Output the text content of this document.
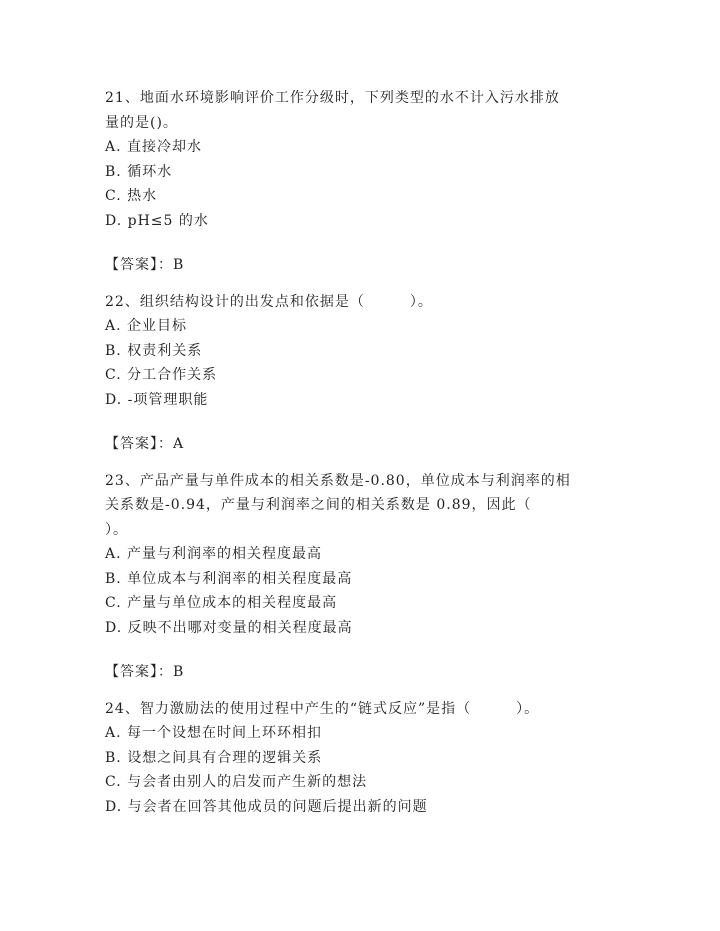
21、地面水环境影响评价工作分级时，下列类型的水不计入污水排放
量的是()。
A. 直接冷却水
B. 循环水
C. 热水
D. pH≤5 的水
【答案】：B
22、组织结构设计的出发点和依据是（　　　）。
A. 企业目标
B. 权责利关系
C. 分工合作关系
D. -项管理职能
【答案】：A
23、产品产量与单件成本的相关系数是-0.80，单位成本与利润率的相
关系数是-0.94，产量与利润率之间的相关系数是 0.89，因此（
）。
A. 产量与利润率的相关程度最高
B. 单位成本与利润率的相关程度最高
C. 产量与单位成本的相关程度最高
D. 反映不出哪对变量的相关程度最高
【答案】：B
24、智力激励法的使用过程中产生的“链式反应”是指（　　　）。
A. 每一个设想在时间上环环相扣
B. 设想之间具有合理的逻辑关系
C. 与会者由别人的启发而产生新的想法
D. 与会者在回答其他成员的问题后提出新的问题
